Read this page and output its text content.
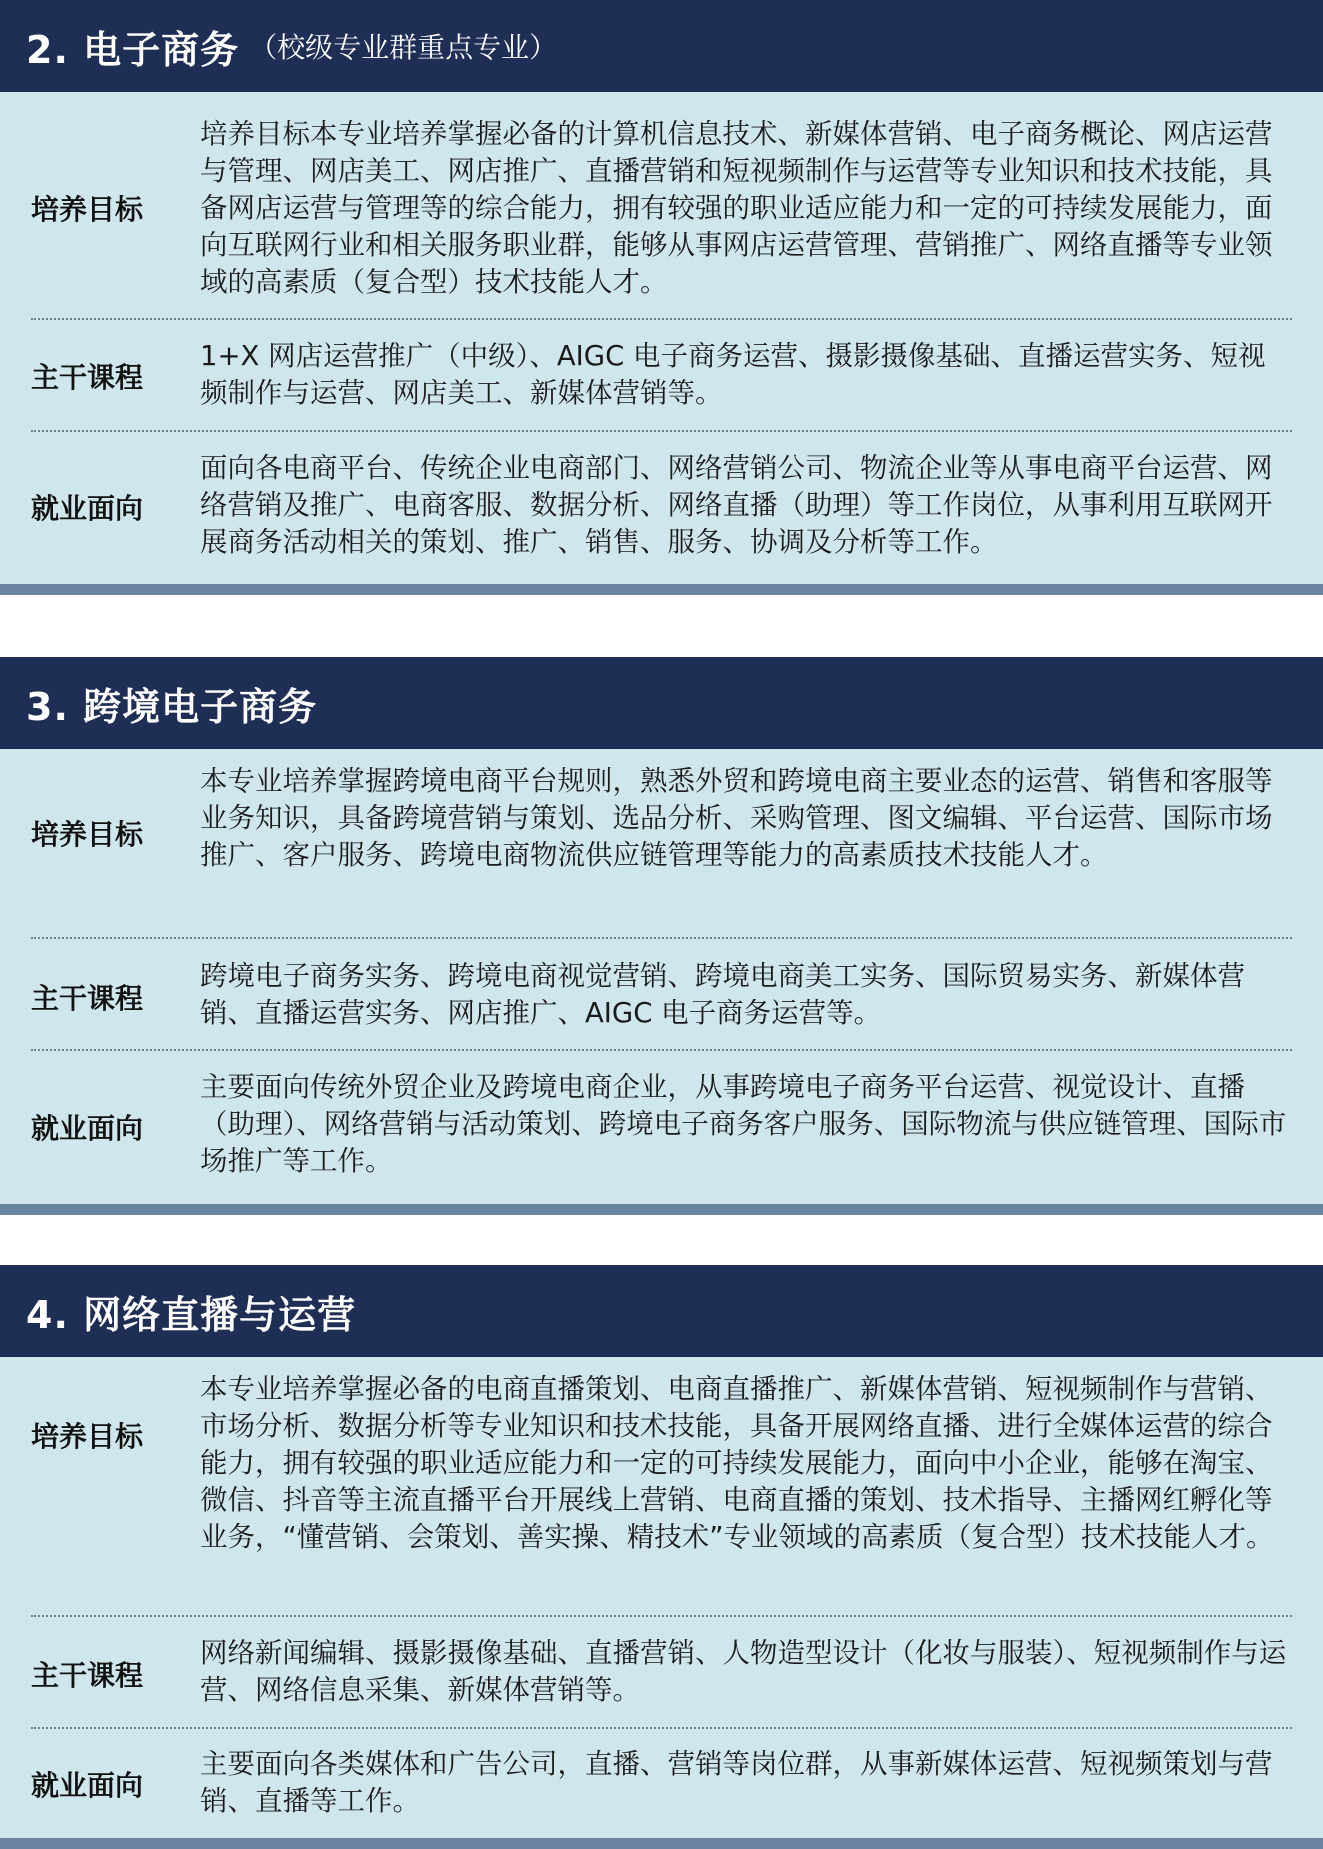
2. 电子商务 （校级专业群重点专业）
培养目标

培养目标本专业培养掌握必备的计算机信息技术、新媒体营销、电子商务概论、网店运营与管理、网店美工、网店推广、直播营销和短视频制作与运营等专业知识和技术技能，具备网店运营与管理等的综合能力，拥有较强的职业适应能力和一定的可持续发展能力，面向互联网行业和相关服务职业群，能够从事网店运营管理、营销推广、网络直播等专业领域的高素质（复合型）技术技能人才。

主干课程

1+X 网店运营推广（中级）、AIGC 电子商务运营、摄影摄像基础、直播运营实务、短视频制作与运营、网店美工、新媒体营销等。

就业面向

面向各电商平台、传统企业电商部门、网络营销公司、物流企业等从事电商平台运营、网络营销及推广、电商客服、数据分析、网络直播（助理）等工作岗位，从事利用互联网开展商务活动相关的策划、推广、销售、服务、协调及分析等工作。

3. 跨境电子商务
培养目标

本专业培养掌握跨境电商平台规则，熟悉外贸和跨境电商主要业态的运营、销售和客服等业务知识，具备跨境营销与策划、选品分析、采购管理、图文编辑、平台运营、国际市场推广、客户服务、跨境电商物流供应链管理等能力的高素质技术技能人才。

主干课程

跨境电子商务实务、跨境电商视觉营销、跨境电商美工实务、国际贸易实务、新媒体营销、直播运营实务、网店推广、AIGC 电子商务运营等。

就业面向

主要面向传统外贸企业及跨境电商企业，从事跨境电子商务平台运营、视觉设计、直播（助理）、网络营销与活动策划、跨境电子商务客户服务、国际物流与供应链管理、国际市场推广等工作。

4. 网络直播与运营
培养目标

本专业培养掌握必备的电商直播策划、电商直播推广、新媒体营销、短视频制作与营销、市场分析、数据分析等专业知识和技术技能，具备开展网络直播、进行全媒体运营的综合能力，拥有较强的职业适应能力和一定的可持续发展能力，面向中小企业，能够在淘宝、微信、抖音等主流直播平台开展线上营销、电商直播的策划、技术指导、主播网红孵化等业务，“懂营销、会策划、善实操、精技术”专业领域的高素质（复合型）技术技能人才。

主干课程

网络新闻编辑、摄影摄像基础、直播营销、人物造型设计（化妆与服装）、短视频制作与运营、网络信息采集、新媒体营销等。

就业面向

主要面向各类媒体和广告公司，直播、营销等岗位群，从事新媒体运营、短视频策划与营销、直播等工作。
